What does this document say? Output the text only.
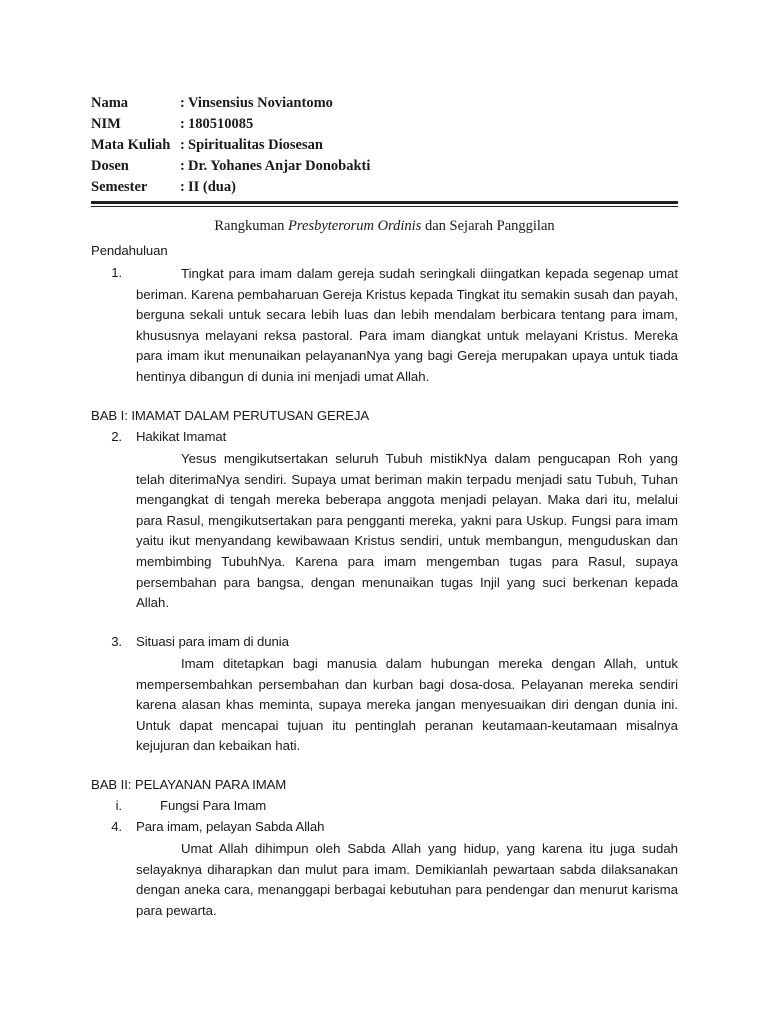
Nama	: Vinsensius Noviantomo
NIM	: 180510085
Mata Kuliah : Spiritualitas Diosesan
Dosen	: Dr. Yohanes Anjar Donobakti
Semester	: II (dua)
Rangkuman Presbyterorum Ordinis dan Sejarah Panggilan
Pendahuluan
1.	Tingkat para imam dalam gereja sudah seringkali diingatkan kepada segenap umat beriman. Karena pembaharuan Gereja Kristus kepada Tingkat itu semakin susah dan payah, berguna sekali untuk secara lebih luas dan lebih mendalam berbicara tentang para imam, khususnya melayani reksa pastoral. Para imam diangkat untuk melayani Kristus. Mereka para imam ikut menunaikan pelayananNya yang bagi Gereja merupakan upaya untuk tiada hentinya dibangun di dunia ini menjadi umat Allah.
BAB I: IMAMAT DALAM PERUTUSAN GEREJA
2. Hakikat Imamat
Yesus mengikutsertakan seluruh Tubuh mistikNya dalam pengucapan Roh yang telah diterimaNya sendiri. Supaya umat beriman makin terpadu menjadi satu Tubuh, Tuhan mengangkat di tengah mereka beberapa anggota menjadi pelayan. Maka dari itu, melalui para Rasul, mengikutsertakan para pengganti mereka, yakni para Uskup. Fungsi para imam yaitu ikut menyandang kewibawaan Kristus sendiri, untuk membangun, menguduskan dan membimbing TubuhNya. Karena para imam mengemban tugas para Rasul, supaya persembahan para bangsa, dengan menunaikan tugas Injil yang suci berkenan kepada Allah.
3. Situasi para imam di dunia
Imam ditetapkan bagi manusia dalam hubungan mereka dengan Allah, untuk mempersembahkan persembahan dan kurban bagi dosa-dosa. Pelayanan mereka sendiri karena alasan khas meminta, supaya mereka jangan menyesuaikan diri dengan dunia ini. Untuk dapat mencapai tujuan itu pentinglah peranan keutamaan-keutamaan misalnya kejujuran dan kebaikan hati.
BAB II: PELAYANAN PARA IMAM
i.	Fungsi Para Imam
4. Para imam, pelayan Sabda Allah
Umat Allah dihimpun oleh Sabda Allah yang hidup, yang karena itu juga sudah selayaknya diharapkan dan mulut para imam. Demikianlah pewartaan sabda dilaksanakan dengan aneka cara, menanggapi berbagai kebutuhan para pendengar dan menurut karisma para pewarta.
